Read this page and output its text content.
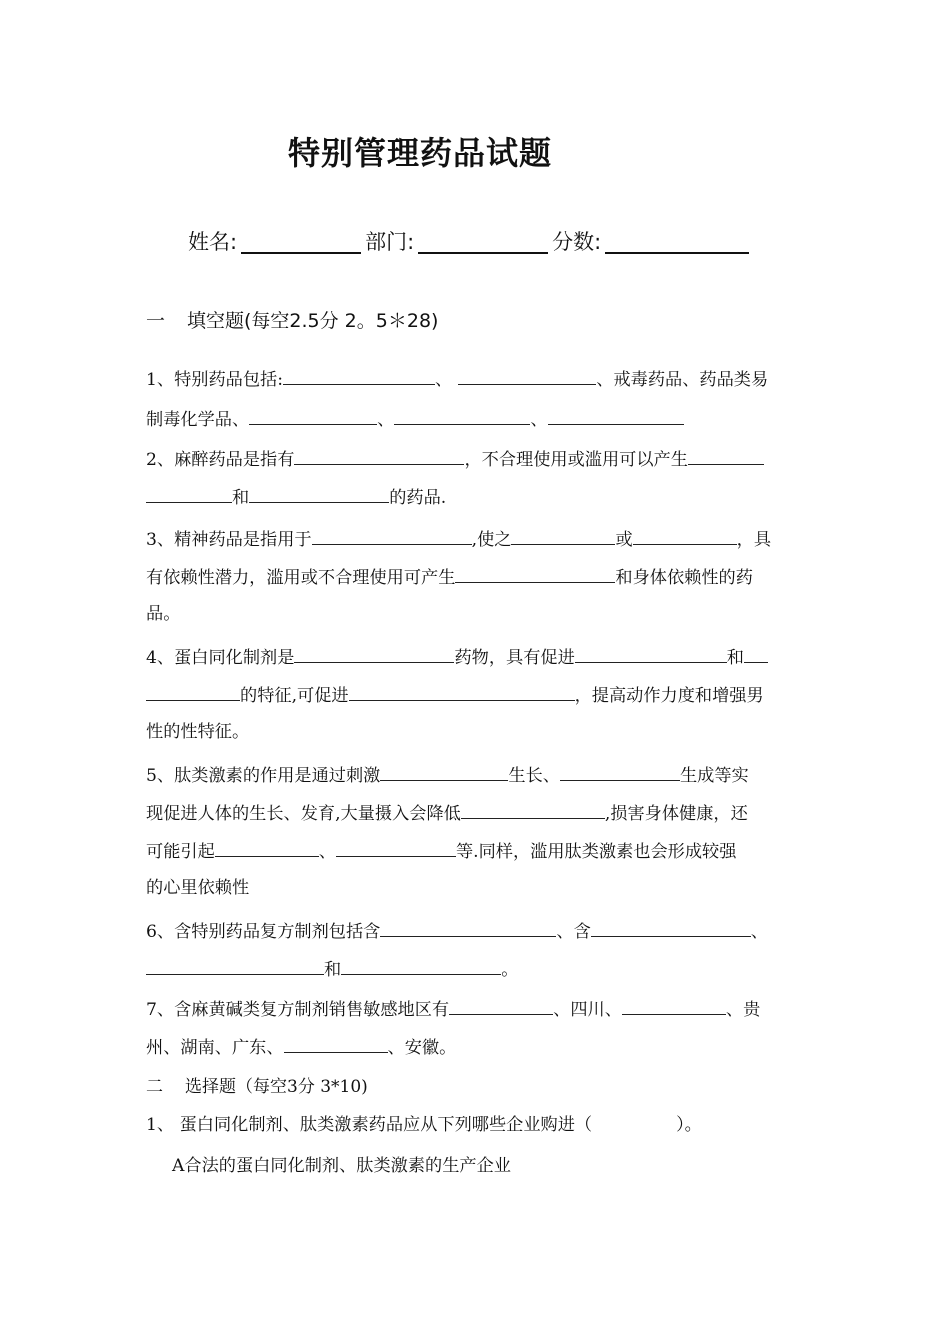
特别管理药品试题
姓名:	部门:	分数:
一 填空题(每空2.5分 2。5＊28)
1、特别药品包括:	、	、戒毒药品、药品类易
制毒化学品、	、	、
2、麻醉药品是指有	，不合理使用或滥用可以产生
和	的药品.
3、精神药品是指用于	,使之	或	，具
有依赖性潜力，滥用或不合理使用可产生	和身体依赖性的药
品。
4、蛋白同化制剂是	药物，具有促进	和
的特征,可促进	，提高动作力度和增强男
性的性特征。
5、肽类激素的作用是通过刺激	生长、	生成等实
现促进人体的生长、发育,大量摄入会降低	,损害身体健康，还
可能引起	、	等.同样，滥用肽类激素也会形成较强
的心里依赖性
6、含特别药品复方制剂包括含	、含	、
和	。
7、含麻黄碱类复方制剂销售敏感地区有	、四川、	、贵
州、湖南、广东、	、安徽。
二 选择题（每空3分 3*10)
1、 蛋白同化制剂、肽类激素药品应从下列哪些企业购进（	）。
A合法的蛋白同化制剂、肽类激素的生产企业
